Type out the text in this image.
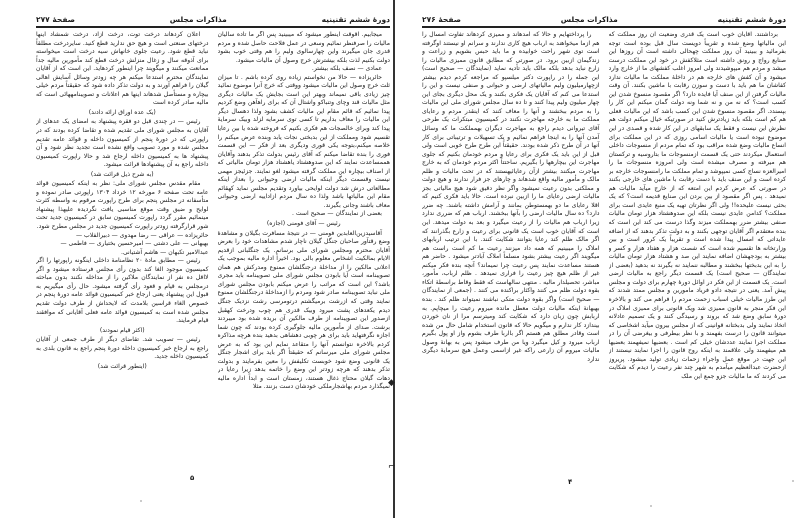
دورهٔ ششم تقنینیه
مذاکرات مجلس
صفحهٔ ۲۷۷

میجابیم. آقوقت اینطور میشود که میبینید پس اگر ما تاده سالیان مالیات را صرفنظر نمائیم وسعی در عمل فلاحت حاصل شده و مردم قدری جان میگیرند واین چهارسالوی ولیم را هم وقتی خوب بشود دولت بکنیم لذت بلکه بیشترش خرج وصول آن مالیات میشود.

عمادی — نصف بلکه بیشتر.

حائریزاده — حالا من نخواستم زیاده روی کرده باشم . تا میزان ثلث خرج وصول این مالیات میشود ووقتی که خرج آنرا موضوع نمائید چیز زیادی باقی نمیماند وبهتر این است بجایش یک مالیات دیگری مثل مالیات قند وچای وتنباکو واشتال آن که برای راهآهن وضع کردیم پیدا نمائیم که قائم مقام این مالیات کشف بشود ولذا دهسال دیگر این مالیات را معاف بداریم تا کسی توی سرمایه لزلد وبیک سرمایهٔ پیدا کند وبرای خالصجات هم فکری بکنیم که فروخته شده یا بین رعایا تقسیم شود ومملکت از این بدبختی نجات یابد وبنده عرض میکنم را خلاصه میکنم،بتوجه یکی قوری ودیگری بعد از فکر — این قسمت فوری را بنده تقاضا میکنم که آقای رئیس بدولت تذکر بدهند وآقایان هممساعدت نمایند که این صدوهشتاد یاهشتاد هزار تومان مالیاتی که از اصناف بیچاره این مملکت گرفته میشود لغو نمایند. جزئیجز مهمی نیست وقسمت دیگر اینکه مالیات ارضی وحیوانی را بعداز اینکه مطالعاتی درش شد دولت لوایحی بیاورد وتقدیم مجلس نماید کهقائم مقام این مالیاتها باشد ولذا ده سال مردم ازاداییه ارضی وحیوانی معاف باشند وجانی بگیرند.

بعضی از نمایندگان — صحیح است .

رئیس — آقای فومنی (اجازه)

آقاسیدزین‌العابدین فومنی — در نتیجهٔ مسافرت بگیلان و مشاهدهٔ وضع رقتآور صاحبان جنگل گیلان ناچار شدم مشاهدات خود را بعرض آقایان محترم ومجلس شورای ملی برسانم. یک جنگلبانی ازقدیم الایام بمالکیت اشخاص معلوم بالی بود. اخیراً اداره مالیه بموجب یک اعلانی مالکین را از مداخلهٔ درجنگلشان ممنوع ومدرکش هم همان تصویبنامه است آیا بابودن مجلس شورای ملی تصویبنامه باید مجری باشد؟ این است که مراتب را عرض میکنم بابودن مجلس شورای ملی نباید تصویبنامه صادر شود ومردم را ازمداخلهٔ درجنگلشان ممنوع نمایند وقتی که ازرشت برمیگشتم درتومرسی رشت نزدیک جنگل دیدم یکعدهای پشت میرود وبیک قدری هم چوب ودرخت کهقبل ازصدور این تصویبنامه از طرف مالکین آن بریده شده بود میبردند برشت. صدای از مأمورین مالیه جلوگیری کرده بودند که چون شما اجازه نگرفتهاید باید برای هر چوبی دهشاهی بدهید بنده هرچه مذاکره کردم بالاخره نتوانستم آنها را متقاعد نمایم این بود که به عرض مجلس شورای ملی میرسانم که حقیقتاً اگر باید برای اشجار جنگل یک قانونی وضع شود خوبست تکلیفش را معین بفرمایند و بدولت تذکر بدهند که هرچه زودتر این وضع را خاتمه بدهد زیرا رعایا در دهات گیلان محتاج ذغال هستند، زمستان است و ابداً اداره مالیه نمیگذارد مردم بهاشجارملکی خودشان دست بزنند. مثلا

اعلان کردهاند درخت توت، درخت آزاد، درخت شمشاد اینها درختهای صنعتی است و هیچ حق ندارید قطع کنید. سایردرخت مطلقاً نباید قطع شود. رعیت جلوی خانهاش سیه درخت است میخواسته برای آذوقه سال و زغال منزلش درخت قطع کند مأمورین مالیه جداً ممانعت میکنند و میگویند چرا اینطور کردهاید. این است که از آقایان نمایندگان محترم استدعا میکنم هر چه زودتر وسائل آسایش اهالی گیلان را فراهم آورند و به دولت تذکر داده شود که حقیقتاً مردم خیلی بیچاره و مستأصل شدهاند اینها هم اعلانات و تصویبنامههائی است که مالیه صادر کرده است

(یک عده اوراق ارائه دادند)

رئیس — در چندی قبل دو فقره پیشنهاد به امضای یک عدهای از آقایان به مجلس شورای ملی تقدیم شده و تقاضا کرده بودند که در راپورتی که در دورهٔ پنجم از کمیسیون داخله و قوائد عامه تقدیم مجلس شده و مورد تصویب واقع نشده است تجدید نظر شود و آن پیشنهاد ها به کمیسیون داخله ارجاع شد و حالا راپورت کمیسیون داخله راجع به آن پیشنهادها قرائت میشود.

(به شرح ذیل قرائت شد)

مقام مقدس مجلس شورای ملی: نظر به اینکه کمیسیون قوائد عامه تحت صفحه ۶ مورخه ۱۲ خرداد ۱۳۰۴ راپورتی صادر نموده و متأسفانه در مجلس پنجم برای طرح راپورت مرقوم به واسطه کثرت لوایح و ضیق وقت موقع مناسبی یافت نگردیده علیهذا پیشنهاد مینمائیم مقرر گردد راپورت کمیسیون سابق در کمیسیون جدید تحت شور قرارگرفته زودتر راپورت کمیسیون جدید در مجلس مطرح شود.

حائریزاده — عراقی — رضا مهدوی — دبیرالفلاب —

بهبهانی — علی دشتی — امیرحسین بختیاری — فاطمی —

عبدالامیر تکبهان — هاشم آشتیانی.

رئیس — مطابق مادهٔ ۲۰ نظامنامهٔ داخلی اینگونه راپورتها را اگر کمیسیون موجود الغا کند بدون رأی مجلس فرستاده میشود و اگر لااقل ده نفر از نمایندگان ملاکین را از مداخله نکنند بدون مباحثه درمجلس به قیام و قعود رأی گرفته میشود. حال رأی میگیریم به قبول این پیشنهاد یعنی ارجاع خبر کمیسیون قوائد عامه دورهٔ پنجم در خصوص الغاء قراسین بلامدت که لایحداش از طرف دولت تقدیم مجلس شده است به کمیسیون قوائد عامه فعلی آقایانی که موافقند قیام فرمایند.

(اکثر قیام نمودند)

رئیس — تصویب شد. تقاضای دیگر از طرف جمعی از آقایان راجع به ارجاع خبر کمیسیون داخله دورهٔ پنجم راجع به قانون بلدی به کمیسیون داخله جدید.

(اینطور قرائت شد)

۵
◆
⌐
دورهٔ ششم تقنینیه
مذاکرات مجلس
صفحهٔ ۲۷۶

برداشتند. آقایان خوب است یک قدری وضعیت آن روز مملکت که این مالیاتها وضع شده و تقریباً دویست سال قبل بوده است توجه بفرمائید و ببینید آن روز مملکت چهحالی داشته است آن روزها این صنایع رواج و رونق داشته است مثلاکفش در خود این مملکت درست میشد و مردم هم میپوشیدند ولی امروز اغلب کفشهای ما از خارج وارد میشود و آن کفش های خارجه هم در داخلهٔ مملکت ما مالیات ندارد کفاشان ما هم باید با دست و سوزن رقابت با ماشین بکنند. آن وقت مالیات گرفتن از این صنف آیا فایده دارد؟ اگر مقصود منسوخ شدن این کسب است؟ که نه من و نه شما ونه دولت گمان میکنم این کار را بپسندد. اگر مقصود منسوخ شدن این کسب باشد که این مالیات فعلی هم کم است بلکه باید زیادترش کنید در صورتیکه خیال میکنم دولت هم نظرش این نیست و فقط یک سابقهای در این کار شده و قصدی در این موضوع نبوده است یا مالیات اسامی روزی که در این مملکت برای انساع مالیات وضع شده مراقب بود که تمام مردم از منسوجات داخلی استعمال میکردند حتی یک قسمت ازمنسوجات ما بتاروسیه و ترکستان هم میرفته و مصرف میشده است ولی امروزه منسوجات ما را امیرالعزه نساج کسی نمیپوشد و تمام مملکت ما رامنسوجات خارجه بر کرده است و این صنف باید با دست رقابت با ماشین های خارجی بکنند در صورتی که عرض کردم این امتعه که از خارج میآید مالیات هم نمیدهد . پس اگر مقصود از بین بردن این صنایع قدیمه است؟ که یک بحثی نیست علیحده!! ولی اگر نظرتان تهیه یک منبع عایدی است برای مملکت؟ کدامن عایدی نیست بلکه این صدوهشتاد هزار تومان مالیات صنفی بیشتر ضرر بهمملکت میزند وگذا درست می کند این است که بنده معتقدم اگر آقایان توجهی بکنند و به دولت تذکر بدهند که از اضافه عایداتی که امسال پیدا شده است و تقریباً یک کرور است و بین وزارتخانه ها تقسیم شده است که شصت هزار و هفتاد هزار و کسر و بیشتر به بودجهشان اضافه نمایند این صد و هشتاد هزار تومان مالیات را به این بدبختها ببخشند و مطالبه ننمایند نه بگیرند نه بدهید (بعضی از نمایندگان — صحیح است) یک قسمت دیگر راجع به مالیات ارضی است. یک قسمت از این فکر در اوائل دورهٔ چهارم برای دولت و مجلس پیش آمد. یعنی در نتیجه دادو فریاد مامورین و مجلس ممتد شدند که این طرز مالیات خیلی اسباب زحمت مردم را فراهم می کند و بالاخره این فکر منجر به قانون مميزی شد ویک قانونی برای مميزی املاک در دورهٔ سابق وضع شد که بروند و رسیدگی کنند و یک تصمیم عادلانه اتخاذ نمایند ولی بدبختانه قوانینی که از مجلس بیرون میآید اشخاصی که میتوانند قانون را درست بفهمند و با نظر بیطرفی و بیغرضی آن را در مملکت اجرا نمایند عددشان خیلی کم است . بعضیها نمیفهمند بعضیها هم میفهمند ولی علاقمند به اینکه روح قانون را اجرا نمایند نیستند از این جهت در موقع عمل واجراء زحمات زیادی تولید میشود. پریروز ازحضرت عبدالعظیم میآمدم به شهر چند نفر رعیت را دیدم که شکایت می کردند که ما مالیات جزو جمع این ملک

را پرداختهایم و حالا که آمدهاند و ممیزی کردهاند تفاوت امسال را هم ازما میخواهند به ارباب هیچ کاری ندارند و سرانم او نیستند اوگرفته است توی شهر راحت خوابیده و ما باید حبس بشویم و زراعت و زندگیمان ازبین برود. در صورتی که مطابق قانون ممیزی مالیات را زارع نباید بدهد بلکه مالک باید تأدیه نماید (نمایندگان — صحیح است) این جمله را در راپورت دکتر میلسپو که مراجعه کردم دیدم بیشتر ازچهارمیلیون ولیم مالیاتهای ارضی و حیوانی و صنفی نیست و این را استدعا می کنم که آقایان یک فکری بکنند و یک محل دیگری بجای این چهار میلیون ولیم پیدا کنند و تا ده سال مجلس شورای ملی این مالیات را به مردم ببخشند و آنها را معاف کنند که اینقدر مردم و رعایای مملکت ما به خارجه مهاجرت نکنند در کمیسیون مبتکرات یک طرحی آقای تیروانی دیدم راجع به مهاجرت دیگران بهمملکت ما که وسائل آمدن آنها را به اینجا فراهم نمائیم و یک تسهیلات و ترتیباتی برای کار آنها در آن طرح ذکر شده بودند. حقیقتاً این طرح طرح خوبی است ولی قبل از این باید یک فکری برای رعایا و مردم خودمان بکنیم که جلوی مهاجرت این بیچارهها را بگیریم. ساحتتاً اکثر مردم خودمان که به خارج مهاجرت میکنند بیشتر ازآن رعایائیهستند که در تحت مالیات و ظلم مالک و مأمور مالیه واقع شدهاند و چارهای جز فرار ندارند و هیچ دولت و مملکتی بدون رعیت نمیشود واگر نظر دقیق شود هیچ مالیاتی بجز مالیات ارضی رعایای ما را ازبین نبرده است. حالا باید فکری کنیم که اقلا رعایای ما دو بهمستوطن بمانند و آرامش داشته باشند. چه ضرر دارد؟ ده سال مالیات ارضی را بآنها ببخشند. ارباب هم که ضرری ندارد زیرا ارباب هم مالیات را از رعیت میگیرد و بعد به دولت میدهد. این است که آقایان خوب است یک قانونی برای رعیت و زارع بگذرانند که اگر مالک ظلم کند رعایا بتوانند شکایت کنند. با این ترتیب اربابهای املاک را میبینیم که همه داد میزنند رعیت ما کم است راست هم میگویند اگر رعیت بیشتر بشود مسلماً املاک آبادتر میشود . حاضر هم هستند مساعدت نمایند پس رعیت چرا نمیماند؟ آنچه بنده فکر میکنم غیر از ظلم هیچ چیز رعیت را فراری نمیدهد . ظلم ارباب، مأمور، مباشر، تحصیلدار مالیه . منتهی سالهاست که فقط وقاط براسطهٔ اتکاء بقوه دولت ظلم می کنند واکثار براکنده می کنند . (جمعی از نمایندگان — صحیح است) واگر بقوه دولت متکی نباشند نمیتواند ظلم کند . بنده بهبهانهٔ اینکه مالیات دولت معطل مانده میروم رعیت را میچاپم. به اربابش چون زبان دارد که شکایت کند ومیترسم مرا از نان خوردن بیندازد کار ندارم و میگویم حالا که قانون استخدام شامل حال من شده است وقادر مطلق هم هستم اگر بااربا طرف بشوم واز او پول بگیرم ارباب میرود و کیل میگیرد ویا من طرف میشود پس به بهانهٔ وصول مالیات میروم آن زارعی راکه غیر ازاسمی وعمل هیچ سرمایهٔ دیگری ندارد

۴
